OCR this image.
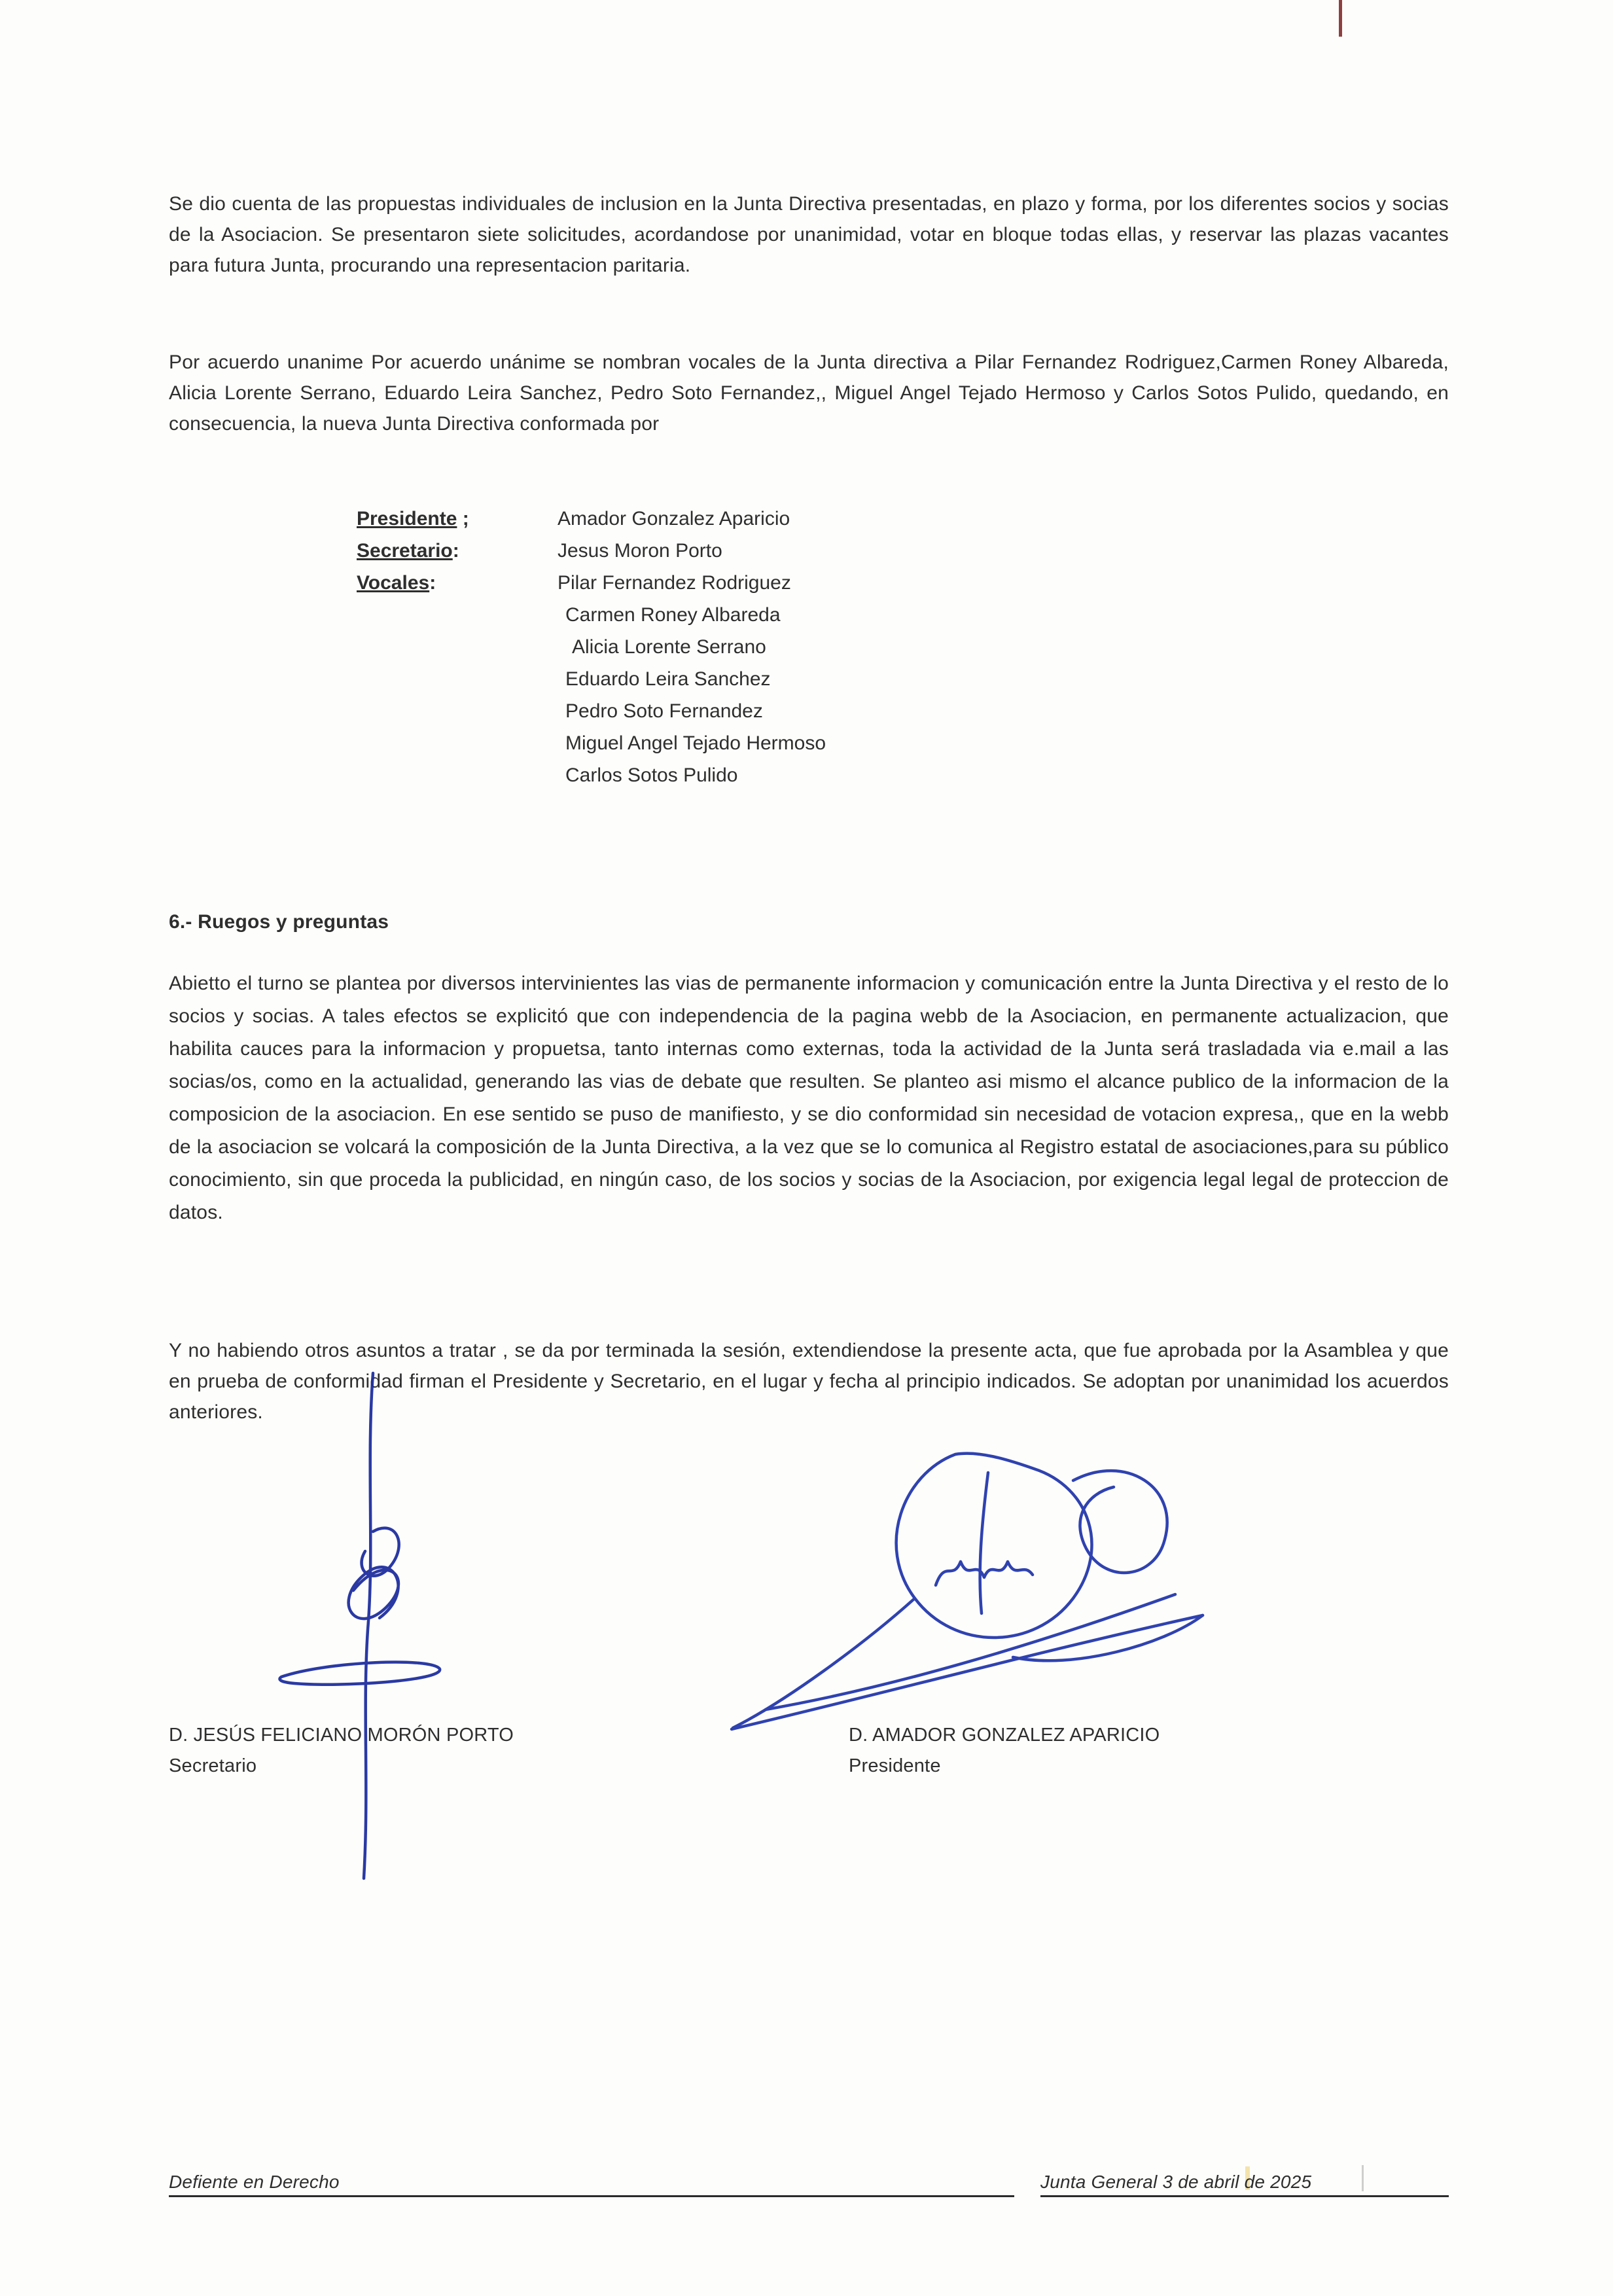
Se dio cuenta de las propuestas individuales de inclusion en la Junta Directiva presentadas, en plazo y forma, por los diferentes socios y socias de la Asociacion. Se presentaron siete solicitudes, acordandose por unanimidad, votar en bloque todas ellas, y reservar las plazas vacantes para futura Junta, procurando una representacion paritaria.

Por acuerdo unanime Por acuerdo unánime se nombran vocales de la Junta directiva a Pilar Fernandez Rodriguez,Carmen Roney Albareda, Alicia Lorente Serrano, Eduardo Leira Sanchez, Pedro Soto Fernandez,, Miguel Angel Tejado Hermoso y Carlos Sotos Pulido, quedando, en consecuencia, la nueva Junta Directiva conformada por

Presidente ;	Amador Gonzalez Aparicio
Secretario:	Jesus Moron Porto
Vocales:	Pilar Fernandez Rodriguez
Carmen Roney Albareda
Alicia Lorente Serrano
Eduardo Leira Sanchez
Pedro Soto Fernandez
Miguel Angel Tejado Hermoso
Carlos Sotos Pulido
6.- Ruegos y preguntas

Abietto el turno se plantea por diversos intervinientes las vias de permanente informacion y comunicación entre la Junta Directiva y el resto de lo socios y socias. A tales efectos se explicitó que con independencia de la pagina webb de la Asociacion, en permanente actualizacion, que habilita cauces para la informacion y propuetsa, tanto internas como externas, toda la actividad de la Junta será trasladada via e.mail a las socias/os, como en la actualidad, generando las vias de debate que resulten. Se planteo asi mismo el alcance publico de la informacion de la composicion de la asociacion. En ese sentido se puso de manifiesto, y se dio conformidad sin necesidad de votacion expresa,, que en la webb de la asociacion se volcará la composición de la Junta Directiva, a la vez que se lo comunica al Registro estatal de asociaciones,para su público conocimiento, sin que proceda la publicidad, en ningún caso, de los socios y socias de la Asociacion, por exigencia legal legal de proteccion de datos.

Y no habiendo otros asuntos a tratar , se da por terminada la sesión, extendiendose la presente acta, que fue aprobada por la Asamblea y que en prueba de conformidad firman el Presidente y Secretario, en el lugar y fecha al principio indicados. Se adoptan por unanimidad los acuerdos anteriores.

D. JESÚS FELICIANO MORÓN PORTO
Secretario
D. AMADOR GONZALEZ APARICIO
Presidente
Defiente en Derecho	Junta General 3 de abril de 2025
